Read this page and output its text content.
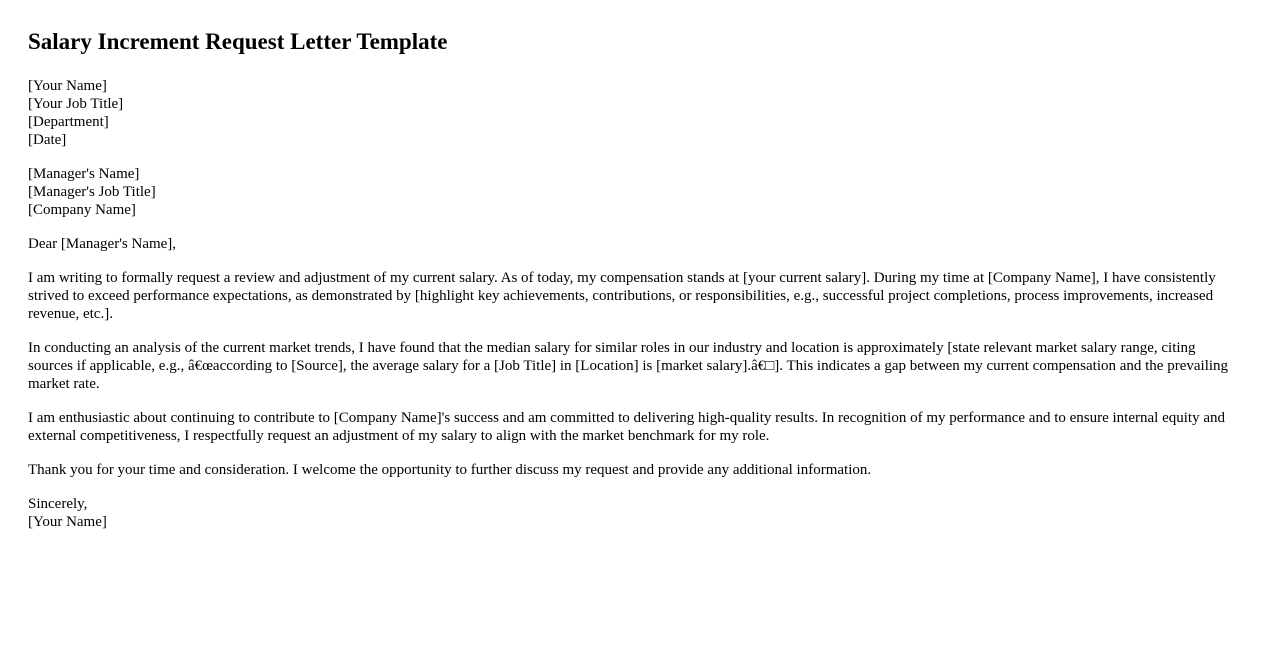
Salary Increment Request Letter Template
[Your Name]
[Your Job Title]
[Department]
[Date]
[Manager's Name]
[Manager's Job Title]
[Company Name]

Dear [Manager's Name],

I am writing to formally request a review and adjustment of my current salary. As of today, my compensation stands at [your current salary]. During my time at [Company Name], I have consistently strived to exceed performance expectations, as demonstrated by [highlight key achievements, contributions, or responsibilities, e.g., successful project completions, process improvements, increased revenue, etc.].

In conducting an analysis of the current market trends, I have found that the median salary for similar roles in our industry and location is approximately [state relevant market salary range, citing sources if applicable, e.g., â€œaccording to [Source], the average salary for a [Job Title] in [Location] is [market salary].â€□]. This indicates a gap between my current compensation and the prevailing market rate.

I am enthusiastic about continuing to contribute to [Company Name]'s success and am committed to delivering high-quality results. In recognition of my performance and to ensure internal equity and external competitiveness, I respectfully request an adjustment of my salary to align with the market benchmark for my role.

Thank you for your time and consideration. I welcome the opportunity to further discuss my request and provide any additional information.

Sincerely,
[Your Name]
